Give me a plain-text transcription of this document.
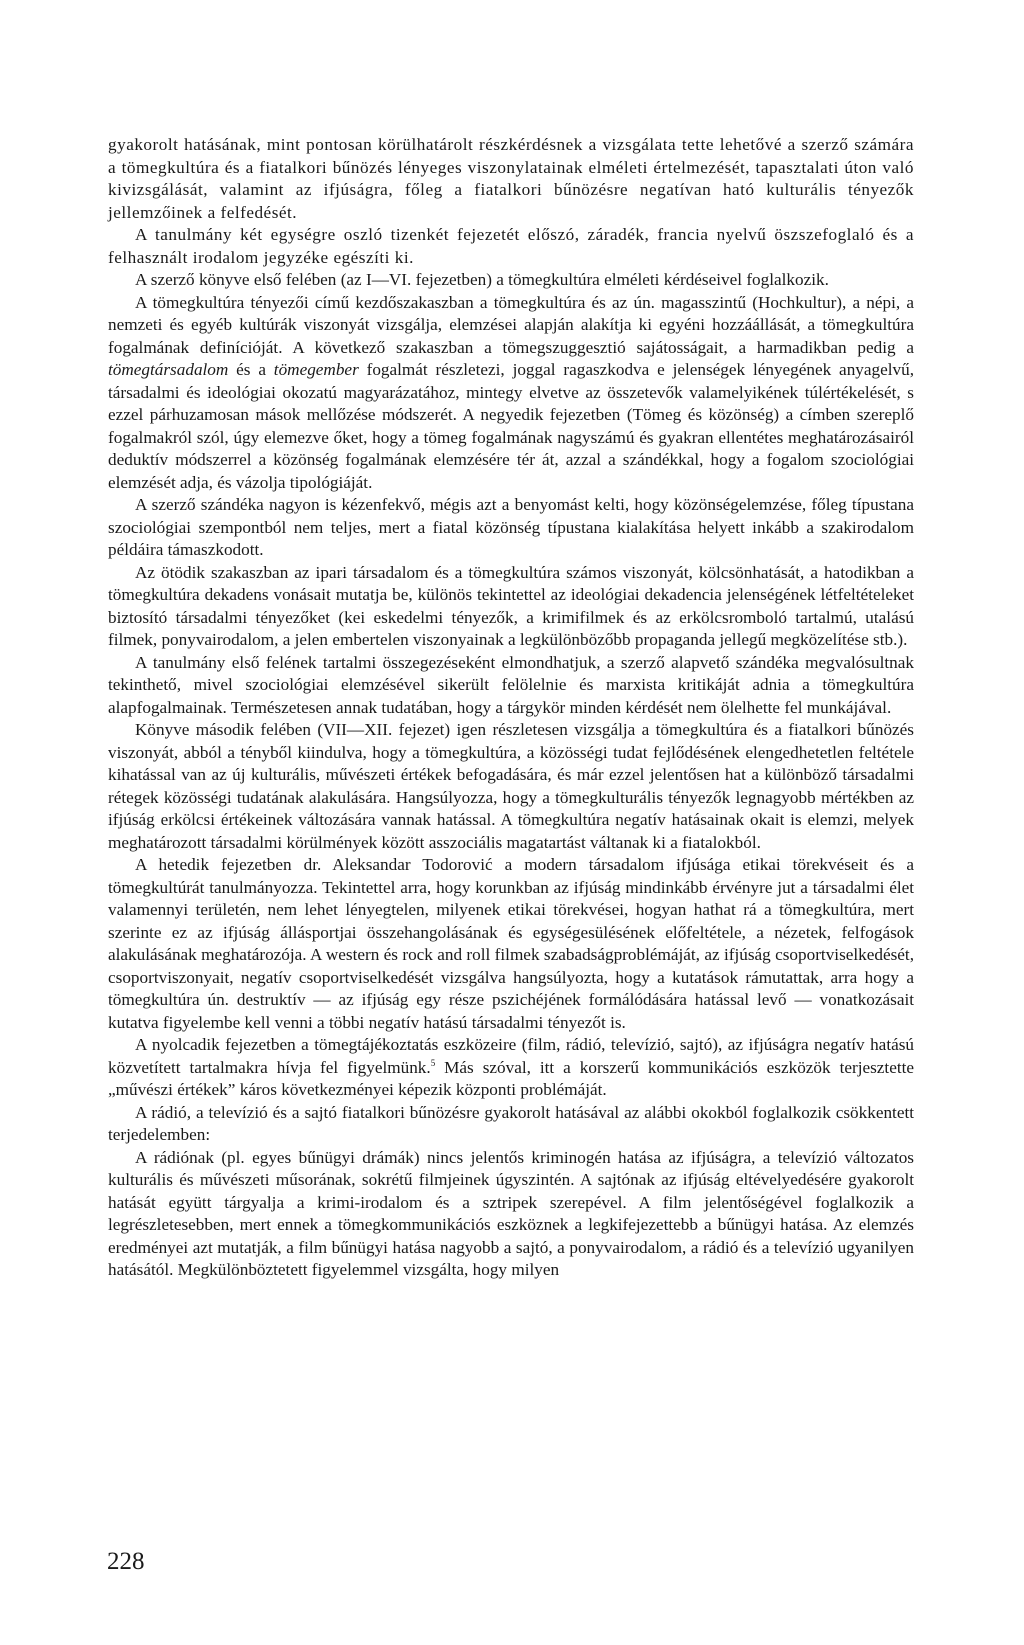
gyakorolt hatásának, mint pontosan körülhatárolt részkérdésnek a vizsgálata tette lehetővé a szerző számára a tömegkultúra és a fiatalkori bűnözés lényeges viszonylatainak elméleti értelmezését, tapasztalati úton való kivizsgálását, valamint az ifjúságra, főleg a fiatalkori bűnözésre negatívan ható kulturális tényezők jellemzőinek a felfedését.

A tanulmány két egységre oszló tizenkét fejezetét előszó, záradék, francia nyelvű öszszefoglaló és a felhasznált irodalom jegyzéke egészíti ki.

A szerző könyve első felében (az I—VI. fejezetben) a tömegkultúra elméleti kérdéseivel foglalkozik.

A tömegkultúra tényezői című kezdőszakaszban a tömegkultúra és az ún. magasszintű (Hochkultur), a népi, a nemzeti és egyéb kultúrák viszonyát vizsgálja, elemzései alapján alakítja ki egyéni hozzáállását, a tömegkultúra fogalmának definícióját. A következő szakaszban a tömegszuggesztió sajátosságait, a harmadikban pedig a tömegtársadalom és a tömegember fogalmát részletezi, joggal ragaszkodva e jelenségek lényegének anyagelvű, társadalmi és ideológiai okozatú magyarázatához, mintegy elvetve az összetevők valamelyikének túlértékelését, s ezzel párhuzamosan mások mellőzése módszerét. A negyedik fejezetben (Tömeg és közönség) a címben szereplő fogalmakról szól, úgy elemezve őket, hogy a tömeg fogalmának nagyszámú és gyakran ellentétes meghatározásairól deduktív módszerrel a közönség fogalmának elemzésére tér át, azzal a szándékkal, hogy a fogalom szociológiai elemzését adja, és vázolja tipológiáját.

A szerző szándéka nagyon is kézenfekvő, mégis azt a benyomást kelti, hogy közönségelemzése, főleg típustana szociológiai szempontból nem teljes, mert a fiatal közönség típustana kialakítása helyett inkább a szakirodalom példáira támaszkodott.

Az ötödik szakaszban az ipari társadalom és a tömegkultúra számos viszonyát, kölcsönhatását, a hatodikban a tömegkultúra dekadens vonásait mutatja be, különös tekintettel az ideológiai dekadencia jelenségének létfeltételeket biztosító társadalmi tényezőket (kei eskedelmi tényezők, a krimifilmek és az erkölcsromboló tartalmú, utalású filmek, ponyvairodalom, a jelen embertelen viszonyainak a legkülönbözőbb propaganda jellegű megközelítése stb.).

A tanulmány első felének tartalmi összegezéseként elmondhatjuk, a szerző alapvető szándéka megvalósultnak tekinthető, mivel szociológiai elemzésével sikerült felölelnie és marxista kritikáját adnia a tömegkultúra alapfogalmainak. Természetesen annak tudatában, hogy a tárgykör minden kérdését nem ölelhette fel munkájával.

Könyve második felében (VII—XII. fejezet) igen részletesen vizsgálja a tömegkultúra és a fiatalkori bűnözés viszonyát, abból a tényből kiindulva, hogy a tömegkultúra, a közösségi tudat fejlődésének elengedhetetlen feltétele kihatással van az új kulturális, művészeti értékek befogadására, és már ezzel jelentősen hat a különböző társadalmi rétegek közösségi tudatának alakulására. Hangsúlyozza, hogy a tömegkulturális tényezők legnagyobb mértékben az ifjúság erkölcsi értékeinek változására vannak hatással. A tömegkultúra negatív hatásainak okait is elemzi, melyek meghatározott társadalmi körülmények között asszociális magatartást váltanak ki a fiatalokból.

A hetedik fejezetben dr. Aleksandar Todorović a modern társadalom ifjúsága etikai törekvéseit és a tömegkultúrát tanulmányozza. Tekintettel arra, hogy korunkban az ifjúság mindinkább érvényre jut a társadalmi élet valamennyi területén, nem lehet lényegtelen, milyenek etikai törekvései, hogyan hathat rá a tömegkultúra, mert szerinte ez az ifjúság állásportjai összehangolásának és egységesülésének előfeltétele, a nézetek, felfogások alakulásának meghatározója. A western és rock and roll filmek szabadságproblémáját, az ifjúság csoportviselkedését, csoportviszonyait, negatív csoportviselkedését vizsgálva hangsúlyozta, hogy a kutatások rámutattak, arra hogy a tömegkultúra ún. destruktív — az ifjúság egy része pszichéjének formálódására hatással levő — vonatkozásait kutatva figyelembe kell venni a többi negatív hatású társadalmi tényezőt is.

A nyolcadik fejezetben a tömegtájékoztatás eszközeire (film, rádió, televízió, sajtó), az ifjúságra negatív hatású közvetített tartalmakra hívja fel figyelmünk.$^5$ Más szóval, itt a korszerű kommunikációs eszközök terjesztette „művészi értékek” káros következményei képezik központi problémáját.

A rádió, a televízió és a sajtó fiatalkori bűnözésre gyakorolt hatásával az alábbi okokból foglalkozik csökkentett terjedelemben:

A rádiónak (pl. egyes bűnügyi drámák) nincs jelentős kriminogén hatása az ifjúságra, a televízió változatos kulturális és művészeti műsorának, sokrétű filmjeinek úgyszintén. A sajtónak az ifjúság eltévelyedésére gyakorolt hatását együtt tárgyalja a krimi-irodalom és a sztripek szerepével. A film jelentőségével foglalkozik a legrészletesebben, mert ennek a tömegkommunikációs eszköznek a legkifejezettebb a bűnügyi hatása. Az elemzés eredményei azt mutatják, a film bűnügyi hatása nagyobb a sajtó, a ponyvairodalom, a rádió és a televízió ugyanilyen hatásától. Megkülönböztetett figyelemmel vizsgálta, hogy milyen

228
